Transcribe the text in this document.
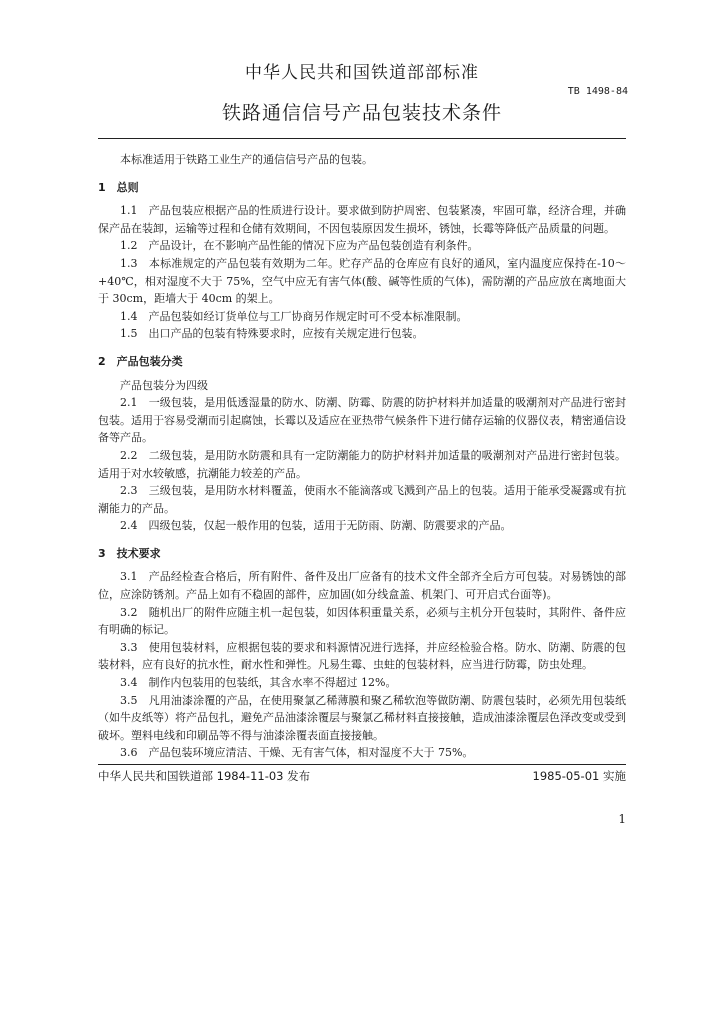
中华人民共和国铁道部部标准
TB 1498-84
铁路通信信号产品包装技术条件

本标准适用于铁路工业生产的通信信号产品的包装。

1　总则

1.1　产品包装应根据产品的性质进行设计。要求做到防护周密、包装紧凑，牢固可靠，经济合理，并确保产品在装卸，运输等过程和仓储有效期间，不因包装原因发生损坏，锈蚀，长霉等降低产品质量的问题。

1.2　产品设计，在不影响产品性能的情况下应为产品包装创造有利条件。

1.3　本标准规定的产品包装有效期为二年。贮存产品的仓库应有良好的通风，室内温度应保持在-10～+40℃，相对湿度不大于 75%，空气中应无有害气体(酸、碱等性质的气体)，需防潮的产品应放在离地面大于 30cm，距墙大于 40cm 的架上。

1.4　产品包装如经订货单位与工厂协商另作规定时可不受本标准限制。

1.5　出口产品的包装有特殊要求时，应按有关规定进行包装。

2　产品包装分类

产品包装分为四级

2.1　一级包装，是用低透湿量的防水、防潮、防霉、防震的防护材料并加适量的吸潮剂对产品进行密封包装。适用于容易受潮而引起腐蚀，长霉以及适应在亚热带气候条件下进行储存运输的仪器仪表，精密通信设备等产品。

2.2　二级包装，是用防水防震和具有一定防潮能力的防护材料并加适量的吸潮剂对产品进行密封包装。适用于对水较敏感，抗潮能力较差的产品。

2.3　三级包装，是用防水材料覆盖，使雨水不能滴落或飞溅到产品上的包装。适用于能承受凝露或有抗潮能力的产品。

2.4　四级包装，仅起一般作用的包装，适用于无防雨、防潮、防震要求的产品。

3　技术要求

3.1　产品经检查合格后，所有附件、备件及出厂应备有的技术文件全部齐全后方可包装。对易锈蚀的部位，应涂防锈剂。产品上如有不稳固的部件，应加固(如分线盒盖、机架门、可开启式台面等)。

3.2　随机出厂的附件应随主机一起包装，如因体积重量关系，必须与主机分开包装时，其附件、备件应有明确的标记。

3.3　使用包装材料，应根据包装的要求和料源情况进行选择，并应经检验合格。防水、防潮、防震的包装材料，应有良好的抗水性，耐水性和弹性。凡易生霉、虫蛀的包装材料，应当进行防霉，防虫处理。

3.4　制作内包装用的包装纸，其含水率不得超过 12%。

3.5　凡用油漆涂覆的产品，在使用聚氯乙稀薄膜和聚乙稀软泡等做防潮、防震包装时，必须先用包装纸（如牛皮纸等）将产品包扎，避免产品油漆涂覆层与聚氯乙稀材料直接接触，造成油漆涂覆层色泽改变或受到破坏。塑料电线和印刷品等不得与油漆涂覆表面直接接触。

3.6　产品包装环境应清洁、干燥、无有害气体，相对湿度不大于 75%。

中华人民共和国铁道部 1984-11-03 发布	1985-05-01 实施
1
